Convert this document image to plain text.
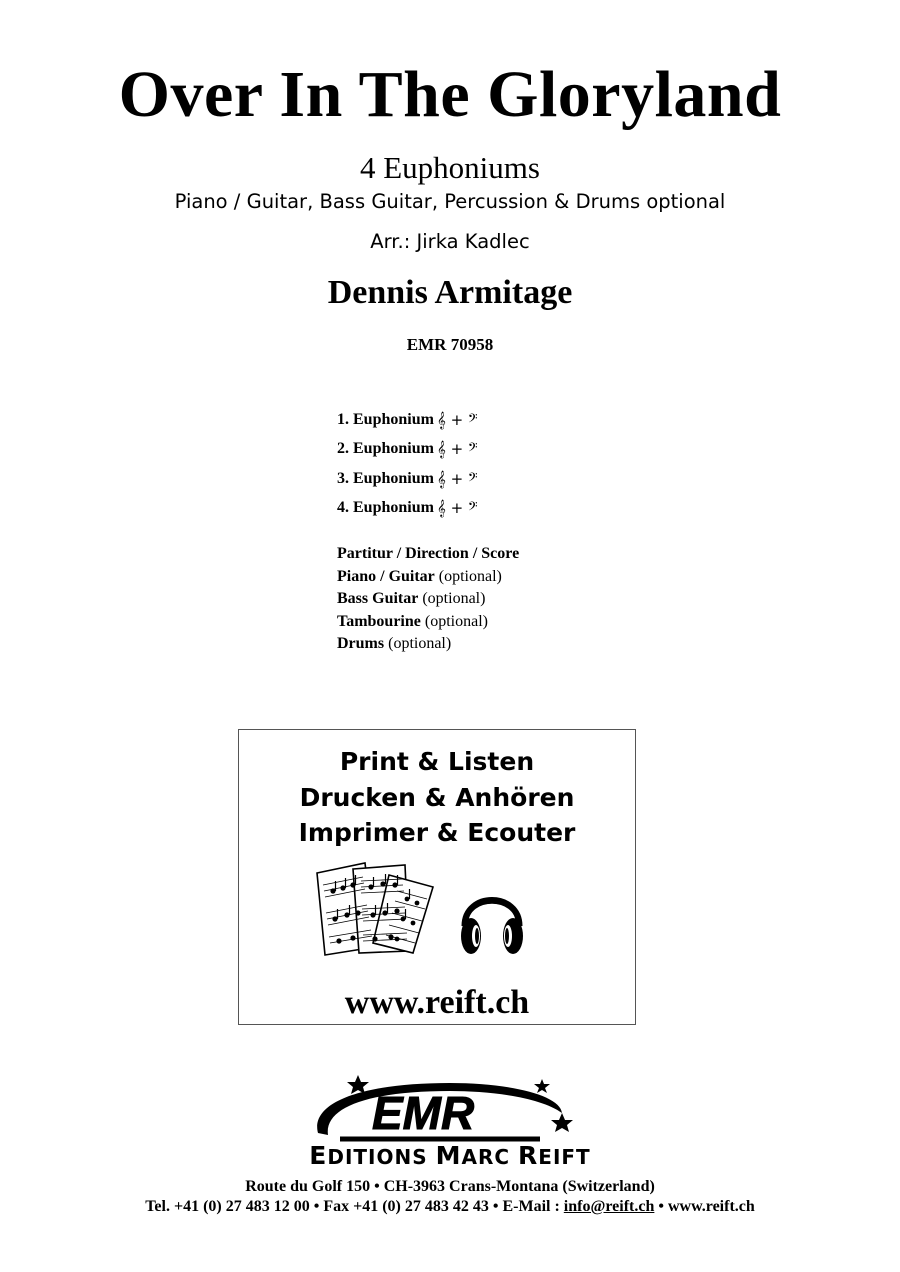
Over In The Gloryland
4 Euphoniums
Piano / Guitar, Bass Guitar, Percussion & Drums optional
Arr.: Jirka Kadlec
Dennis Armitage
EMR 70958
1. Euphonium 𝄞 + 𝄢
2. Euphonium 𝄞 + 𝄢
3. Euphonium 𝄞 + 𝄢
4. Euphonium 𝄞 + 𝄢
Partitur / Direction / Score
Piano / Guitar (optional)
Bass Guitar (optional)
Tambourine (optional)
Drums (optional)
Print & Listen
Drucken & Anhören
Imprimer & Ecouter
www.reift.ch
EMR
EDITIONS MARC REIFT
Route du Golf 150 • CH-3963 Crans-Montana (Switzerland)
Tel. +41 (0) 27 483 12 00 • Fax +41 (0) 27 483 42 43 • E-Mail : info@reift.ch • www.reift.ch
